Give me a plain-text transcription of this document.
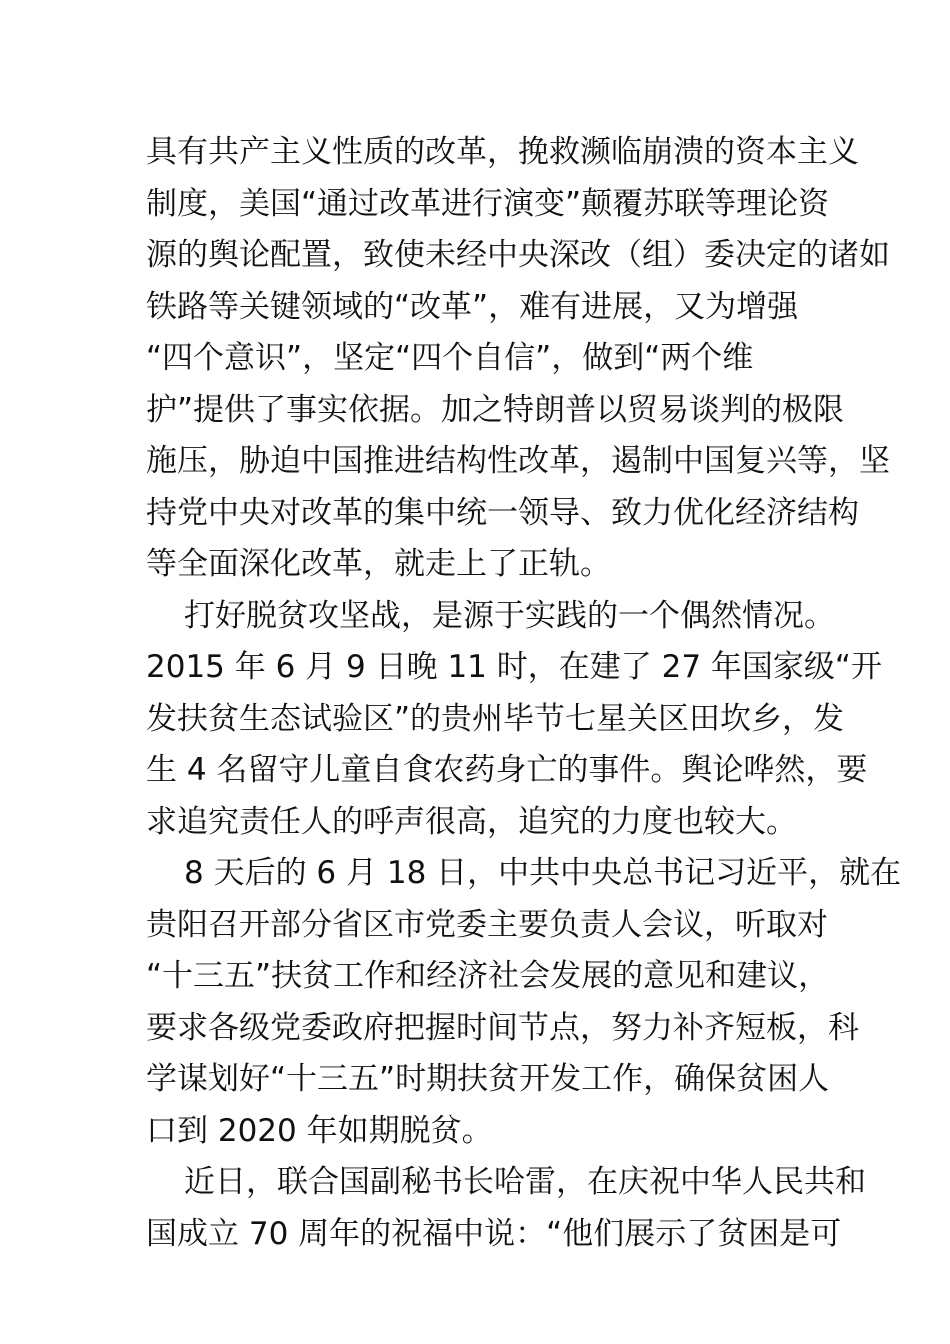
具有共产主义性质的改革，挽救濒临崩溃的资本主义
制度，美国“通过改革进行演变”颠覆苏联等理论资
源的舆论配置，致使未经中央深改（组）委决定的诸如
铁路等关键领域的“改革”，难有进展，又为增强
“四个意识”，坚定“四个自信”，做到“两个维
护”提供了事实依据。加之特朗普以贸易谈判的极限
施压，胁迫中国推进结构性改革，遏制中国复兴等，坚
持党中央对改革的集中统一领导、致力优化经济结构
等全面深化改革，就走上了正轨。
打好脱贫攻坚战，是源于实践的一个偶然情况。
2015 年 6 月 9 日晚 11 时，在建了 27 年国家级“开
发扶贫生态试验区”的贵州毕节七星关区田坎乡，发
生 4 名留守儿童自食农药身亡的事件。舆论哗然，要
求追究责任人的呼声很高，追究的力度也较大。
8 天后的 6 月 18 日，中共中央总书记习近平，就在
贵阳召开部分省区市党委主要负责人会议，听取对
“十三五”扶贫工作和经济社会发展的意见和建议，
要求各级党委政府把握时间节点，努力补齐短板，科
学谋划好“十三五”时期扶贫开发工作，确保贫困人
口到 2020 年如期脱贫。
近日，联合国副秘书长哈雷，在庆祝中华人民共和
国成立 70 周年的祝福中说：“他们展示了贫困是可
